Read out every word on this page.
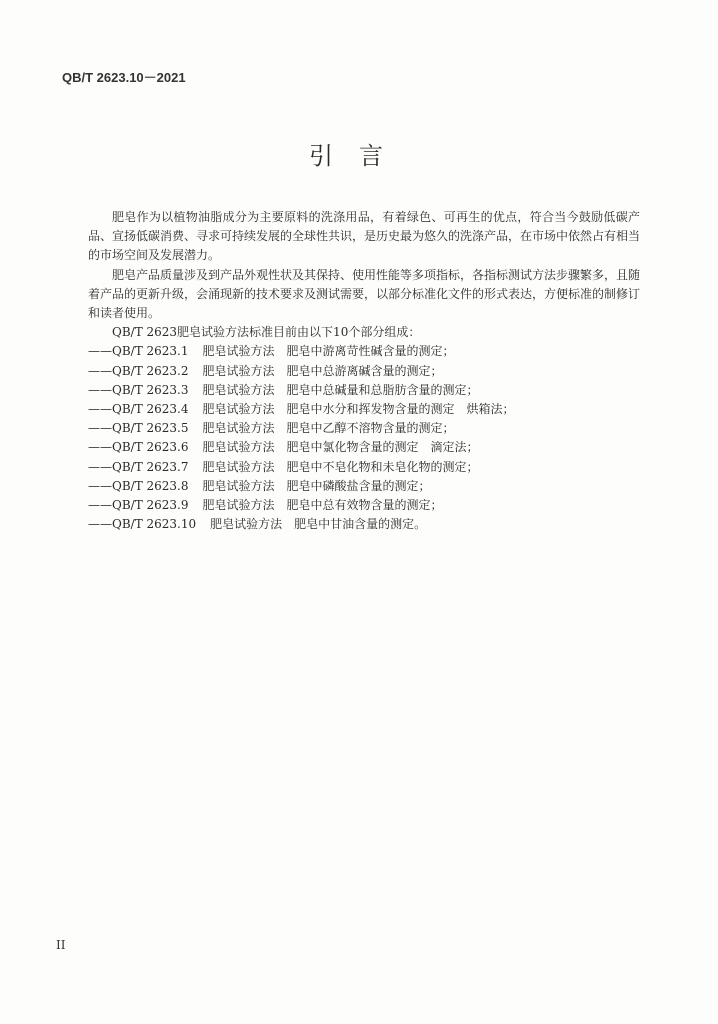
QB/T 2623.10－2021
引言

肥皂作为以植物油脂成分为主要原料的洗涤用品，有着绿色、可再生的优点，符合当今鼓励低碳产品、宣扬低碳消费、寻求可持续发展的全球性共识，是历史最为悠久的洗涤产品，在市场中依然占有相当的市场空间及发展潜力。

肥皂产品质量涉及到产品外观性状及其保持、使用性能等多项指标，各指标测试方法步骤繁多，且随着产品的更新升级，会涌现新的技术要求及测试需要，以部分标准化文件的形式表达，方便标准的制修订和读者使用。

QB/T 2623肥皂试验方法标准目前由以下10个部分组成：

——QB/T 2623.1 肥皂试验方法 肥皂中游离苛性碱含量的测定；
——QB/T 2623.2 肥皂试验方法 肥皂中总游离碱含量的测定；
——QB/T 2623.3 肥皂试验方法 肥皂中总碱量和总脂肪含量的测定；
——QB/T 2623.4 肥皂试验方法 肥皂中水分和挥发物含量的测定 烘箱法；
——QB/T 2623.5 肥皂试验方法 肥皂中乙醇不溶物含量的测定；
——QB/T 2623.6 肥皂试验方法 肥皂中氯化物含量的测定 滴定法；
——QB/T 2623.7 肥皂试验方法 肥皂中不皂化物和未皂化物的测定；
——QB/T 2623.8 肥皂试验方法 肥皂中磷酸盐含量的测定；
——QB/T 2623.9 肥皂试验方法 肥皂中总有效物含量的测定；
——QB/T 2623.10 肥皂试验方法 肥皂中甘油含量的测定。
II
